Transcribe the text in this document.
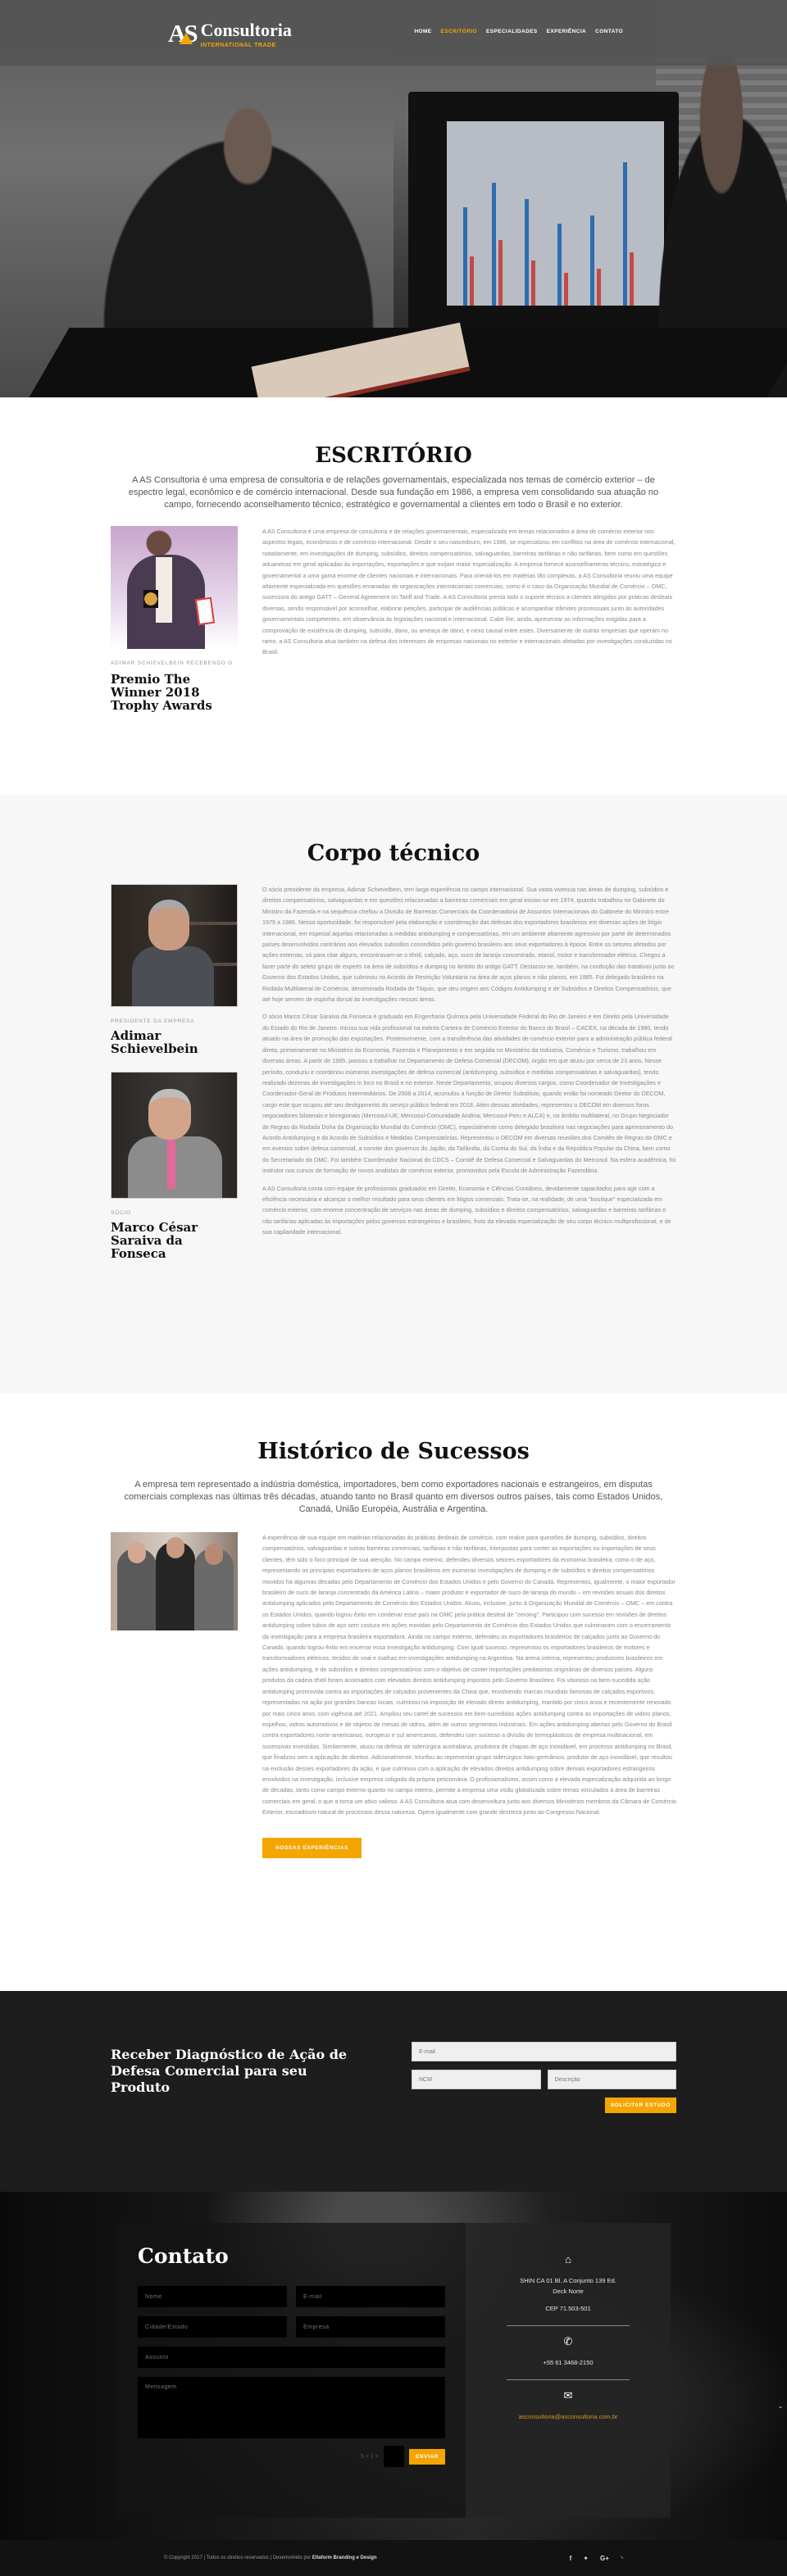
AS Consultoria
INTERNATIONAL TRADE
HOME ESCRITÓRIO ESPECIALIDADES EXPERIÊNCIA CONTATO
ESCRITÓRIO

A AS Consultoria é uma empresa de consultoria e de relações governamentais, especializada nos temas de comércio exterior – de espectro legal, econômico e de comércio internacional. Desde sua fundação em 1986, a empresa vem consolidando sua atuação no campo, fornecendo aconselhamento técnico, estratégico e governamental a clientes em todo o Brasil e no exterior.

ADIMAR SCHIEVELBEIN RECEBENDO O
Premio The Winner 2018 Trophy Awards

A AS Consultoria é uma empresa de consultoria e de relações governamentais, especializada em temas relacionados a área de comércio exterior nos aspectos legais, econômicos e de comércio internacional. Desde o seu nascedouro, em 1986, se especializou em conflitos na área de comércio internacional, notadamente, em investigações de dumping, subsídios, direitos compensatórios, salvaguardas, barreiras tarifárias e não tarifárias, bem como em questões aduaneiras em geral aplicadas às importações, exportações e que exijam maior especialização. A empresa fornece aconselhamento técnico, estratégico e governamental a uma gama enorme de clientes nacionais e internacionais. Para orientá-los em matérias tão complexas, a AS Consultoria reuniu uma equipe altamente especializada em questões emanadas de organizações internacionais comerciais, como é o caso da Organização Mundial de Comércio – OMC, sucessora do antigo GATT – General Agreement on Tariff and Trade. A AS Consultoria presta todo o suporte técnico a clientes atingidos por práticas desleais diversas, sendo responsável por aconselhar, elaborar petições, participar de audiências públicas e acompanhar trâmites processuais junto às autoridades governamentais competentes, em observância às legislações nacional e internacional. Cabe lhe, ainda, apresentar as informações exigidas para a comprovação de existência de dumping, subsídio, dano, ou ameaça de dano, e nexo causal entre estes. Diversamente de outras empresas que operam no ramo, a AS Consultoria atua também na defesa dos interesses de empresas nacionais no exterior e internacionais afetadas por investigações conduzidas no Brasil.

Corpo técnico
PRESIDENTE DA EMPRESA
Adimar Schievelbein
SÓCIO
Marco César Saraiva da Fonseca

O sócio presidente da empresa, Adimar Schievelbein, tem larga experiência no campo internacional. Sua vasta vivencia nas áreas de dumping, subsídios e direitos compensatórios, salvaguardas e em questões relacionadas a barreiras comerciais em geral iniciou-se em 1974, quando trabalhou no Gabinete do Ministro da Fazenda e na sequência chefiou a Divisão de Barreiras Comerciais da Coordenadoria de Assuntos Internacionais do Gabinete do Ministro entre 1979 a 1986. Nessa oportunidade, foi responsável pela elaboração e coordenação das defesas dos exportadores brasileiros em diversas ações de litígio internacional, em especial aquelas relacionadas a medidas antidumping e compensatórias, em um ambiente altamente agressivo por parte de determinados países desenvolvidos contrários aos elevados subsídios concedidos pelo governo brasileiro aos seus exportadores à época. Entre os setores afetados por ações externas, só para citar alguns, encontravam-se o têxtil, calçado, aço, suco de laranja concentrado, etanol, motor e transformador elétrico. Chegou a fazer parte do seleto grupo de experts na área de subsídios e dumping no âmbito do antigo GATT. Destacou-se, também, na condução das tratativas junto ao Governo dos Estados Unidos, que culminou no Acordo de Restrição Voluntária na área de aços planos e não planos, em 1985. Foi delegado brasileiro na Rodada Multilateral de Comércio, denominada Rodada de Tóquio, que deu origem aos Códigos Antidumping e de Subsídios e Direitos Compensatórios, que até hoje servem de espinha dorsal às investigações nessas áreas.

O sócio Marco César Saraiva da Fonseca é graduado em Engenharia Química pela Universidade Federal do Rio de Janeiro e em Direito pela Universidade do Estado do Rio de Janeiro. Iniciou sua vida profissional na extinta Carteira de Comércio Exterior do Banco do Brasil – CACEX, na década de 1980, tendo atuado na área de promoção das exportações. Posteriormente, com a transferência das atividades de comércio exterior para a administração pública federal direta, primeiramente no Ministério da Economia, Fazenda e Planejamento e em seguida no Ministério da Indústria, Comércio e Turismo, trabalhou em diversas áreas. A partir de 1995, passou a trabalhar no Departamento de Defesa Comercial (DECOM), órgão em que atuou por cerca de 23 anos. Nesse período, conduziu e coordenou inúmeras investigações de defesa comercial (antidumping, subsídios e medidas compensatórias e salvaguardas), tendo realizado dezenas de investigações in loco no Brasil e no exterior. Neste Departamento, ocupou diversos cargos, como Coordenador de Investigações e Coordenador-Geral de Produtos Intermediários. De 2008 a 2014, acumulou a função de Diretor Substituto, quando então foi nomeado Diretor do DECOM, cargo este que ocupou até seu desligamento do serviço público federal em 2018. Além dessas atividades, representou o DECOM em diversos foros negociadores bilaterais e birregionais (Mercosul-UE; Mercosul-Comunidade Andina; Mercosul-Peru e ALCA) e, no âmbito multilateral, no Grupo Negociador de Regras da Rodada Doha da Organização Mundial do Comércio (OMC), especialmente como delegado brasileiro nas negociações para aprimoramento do Acordo Antidumping e do Acordo de Subsídios e Medidas Compensatórias. Representou o DECOM em diversas reuniões dos Comitês de Regras da OMC e em eventos sobre defesa comercial, a convite dos governos do Japão, da Tailândia, da Coreia do Sul, da Índia e da República Popular da China, bem como do Secretariado da OMC. Foi também Coordenador Nacional do CDCS – Comitê de Defesa Comercial e Salvaguardas do Mercosul. Na esfera acadêmica, foi instrutor nos cursos de formação de novos analistas de comércio exterior, promovidos pela Escola de Administração Fazendária.

A AS Consultoria conta com equipe de profissionais graduados em Direito, Economia e Ciências Contábeis, devidamente capacitados para agir com a eficiência necessária e alcançar o melhor resultado para seus clientes em litígios comerciais. Trata-se, na realidade, de uma "boutique" especializada em comércio exterior, com enorme concentração de serviços nas áreas de dumping, subsídios e direitos compensatórios, salvaguardas e barreiras tarifárias e não tarifárias aplicadas às importações pelos governos estrangeiros e brasileiro, fruto da elevada especialização de seu corpo técnico multiprofissional, e de sua capilaridade internacional.

Histórico de Sucessos

A empresa tem representado a indústria doméstica, importadores, bem como exportadores nacionais e estrangeiros, em disputas comerciais complexas nas últimas três décadas, atuando tanto no Brasil quanto em diversos outros países, tais como Estados Unidos, Canadá, União Européia, Austrália e Argentina.

A experiência de sua equipe em matérias relacionadas às práticas desleais de comércio, com realce para questões de dumping, subsídios, direitos compensatórios, salvaguardas e outras barreiras comerciais, tarifárias e não tarifárias, interpostas para conter as exportações ou importações de seus clientes, têm sido o foco principal de sua atenção. No campo externo, defendeu diversos setores exportadores da economia brasileira, como o de aço, representando os principais exportadores de aços planos brasileiros em inúmeras investigações de dumping e de subsídios e direitos compensatórios movidos há algumas décadas pelo Departamento de Comércio dos Estados Unidos e pelo Governo do Canadá. Representou, igualmente, o maior exportador brasileiro de suco de laranja concentrado da América Latina – maior produtor e exportador de suco de laranja do mundo – em revisões anuais dos direitos antidumping aplicados pelo Departamento de Comércio dos Estados Unidos. Atuou, inclusive, junto à Organização Mundial de Comércio – OMC – em contra os Estados Unidos, quando logrou êxito em condenar esse país na OMC pela prática desleal de "zeroing". Participou com sucesso em revisões de direitos antidumping sobre tubos de aço sem costura em ações movidas pelo Departamento de Comércio dos Estados Unidos que culminaram com o encerramento da investigação para a empresa brasileira exportadora. Ainda no campo externo, defendeu os exportadores brasileiros de calçados junto ao Governo do Canadá, quando logrou êxito em encerrar essa investigação antidumping. Com igual sucesso, representou os exportadores brasileiros de motores e transformadores elétricos, tecidos de voal e toalhas em investigações antidumping na Argentina. Na arena interna, representou produtores brasileiros em ações antidumping, e de subsídios e direitos compensatórios com o objetivo de conter importações predatórias originárias de diversos países. Alguns produtos da cadeia têxtil foram acoimados com elevados direitos antidumping impostos pelo Governo Brasileiro. Foi vitorioso na bem-sucedida ação antidumping promovida contra as importações de calçados provenientes da China que, envolvendo marcas mundiais famosas de calçados esportivos, representadas na ação por grandes bancas locais, culminou na imposição de elevado direito antidumping, mantido por cinco anos e recentemente renovado por mais cinco anos, com vigência até 2021. Ampliou seu cartel de sucessos em bem-sucedidas ações antidumping contra as importações de vidros planos, espelhos, vidros automotivos e de objetos de mesas de vidros, além de outros segmentos industriais. Em ações antidumping abertas pelo Governo do Brasil contra exportadores norte-americanos, europeus e sul americanos, defendeu com sucesso a divisão de termoplásticos de empresa multinacional, em sucessivas investidas. Similarmente, atuou na defesa de siderúrgica australiana, produtora de chapas de aço inoxidável, em processo antidumping no Brasil, que finalizou sem a aplicação de direitos. Adicionalmente, triunfou ao representar grupo siderúrgico ítalo-germânico, produtor de aço inoxidável, que resultou na exclusão desses exportadores da ação, e que culminou com a aplicação de elevados direitos antidumping sobre demais exportadores estrangeiros envolvidos na investigação, inclusive empresa coligada da própria peticionária. O profissionalismo, assim como a elevada especialização adquirida ao longo de décadas, tanto como campo externo quanto no campo interno, permite a empresa uma visão globalizada sobre temas vinculados à área de barreiras comerciais em geral, o que a torna um ativo valioso. A AS Consultoria atua com desenvoltura junto aos diversos Ministérios membros da Câmara de Comércio Exterior, escoadouro natural de processos dessa natureza. Opera igualmente com grande destreza junto ao Congresso Nacional.

NOSSAS EXPERIÊNCIAS
Receber Diagnóstico de Ação de Defesa Comercial para seu Produto
E-mail
NCM
Descrição
SOLICITAR ESTUDO
Contato
Nome
E-mail
Cidade/Estado
Empresa
Assunto
Mensagem
5 + 1 =	ENVIAR
⌂
SHIN CA 01 Bl. A Conjunto 139 Ed.
Deck Norte
CEP 71.503-501
✆
+55 61 3468-2150
✉
asconsultoria@asconsultoria.com.br
⌃
© Copyright 2017 | Todos os direitos reservados | Desenvolvido por Ellaform Branding e Design	f ✦ G+ ◝
